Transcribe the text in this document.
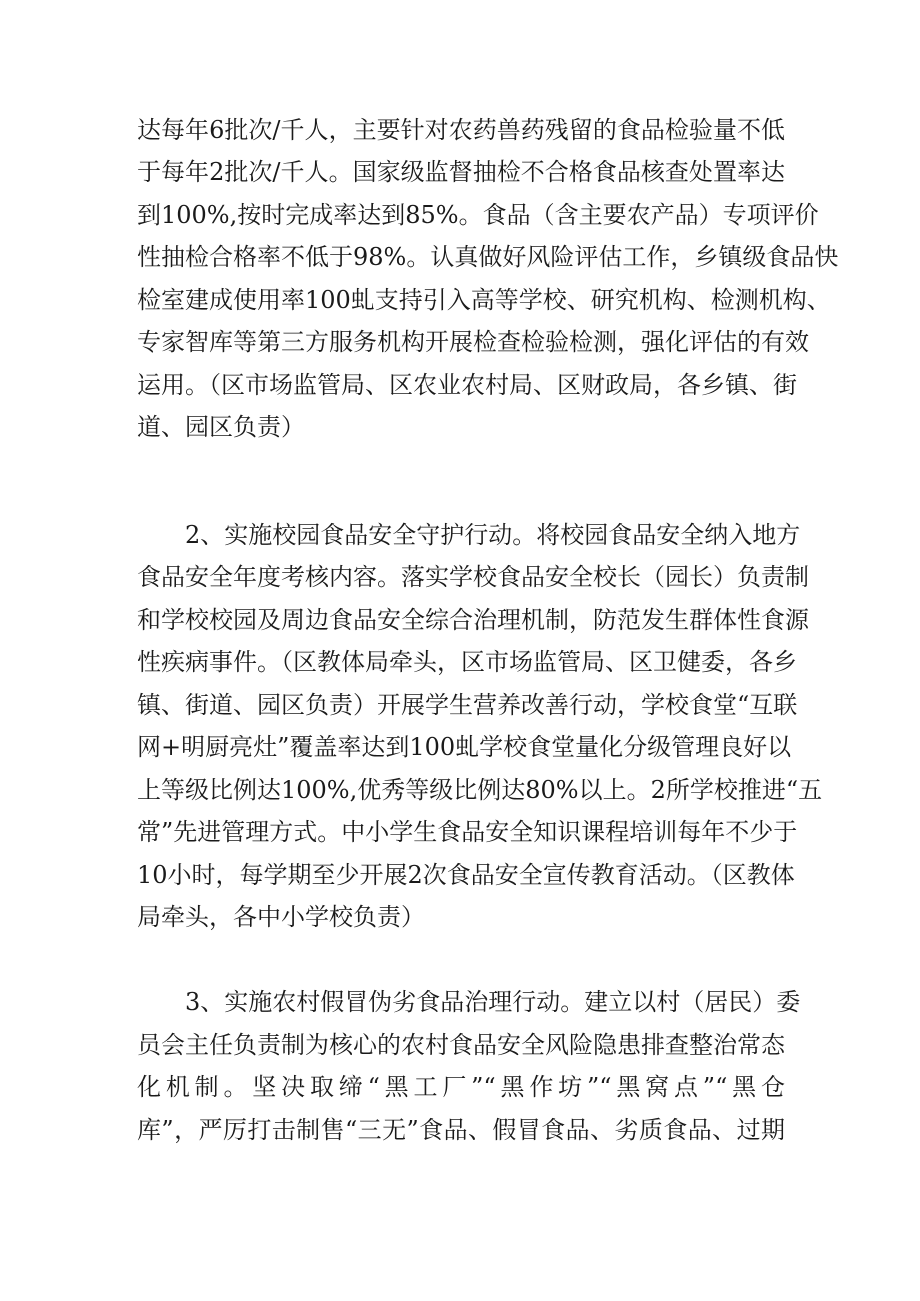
达每年6批次/千人，主要针对农药兽药残留的食品检验量不低
于每年2批次/千人。国家级监督抽检不合格食品核查处置率达
到100%,按时完成率达到85%。食品（含主要农产品）专项评价
性抽检合格率不低于98%。认真做好风险评估工作，乡镇级食品快
检室建成使用率100虬支持引入高等学校、研究机构、检测机构、
专家智库等第三方服务机构开展检查检验检测，强化评估的有效
运用。（区市场监管局、区农业农村局、区财政局，各乡镇、街
道、园区负责）
2、实施校园食品安全守护行动。将校园食品安全纳入地方
食品安全年度考核内容。落实学校食品安全校长（园长）负责制
和学校校园及周边食品安全综合治理机制，防范发生群体性食源
性疾病事件。（区教体局牵头，区市场监管局、区卫健委，各乡
镇、街道、园区负责）开展学生营养改善行动，学校食堂“互联
网+明厨亮灶”覆盖率达到100虬学校食堂量化分级管理良好以
上等级比例达100%,优秀等级比例达80%以上。2所学校推进“五
常”先进管理方式。中小学生食品安全知识课程培训每年不少于
10小时，每学期至少开展2次食品安全宣传教育活动。（区教体
局牵头，各中小学校负责）
3、实施农村假冒伪劣食品治理行动。建立以村（居民）委
员会主任负责制为核心的农村食品安全风险隐患排查整治常态
化机制。坚决取缔“黑工厂”“黑作坊”“黑窝点”“黑仓
库”，严厉打击制售“三无”食品、假冒食品、劣质食品、过期
